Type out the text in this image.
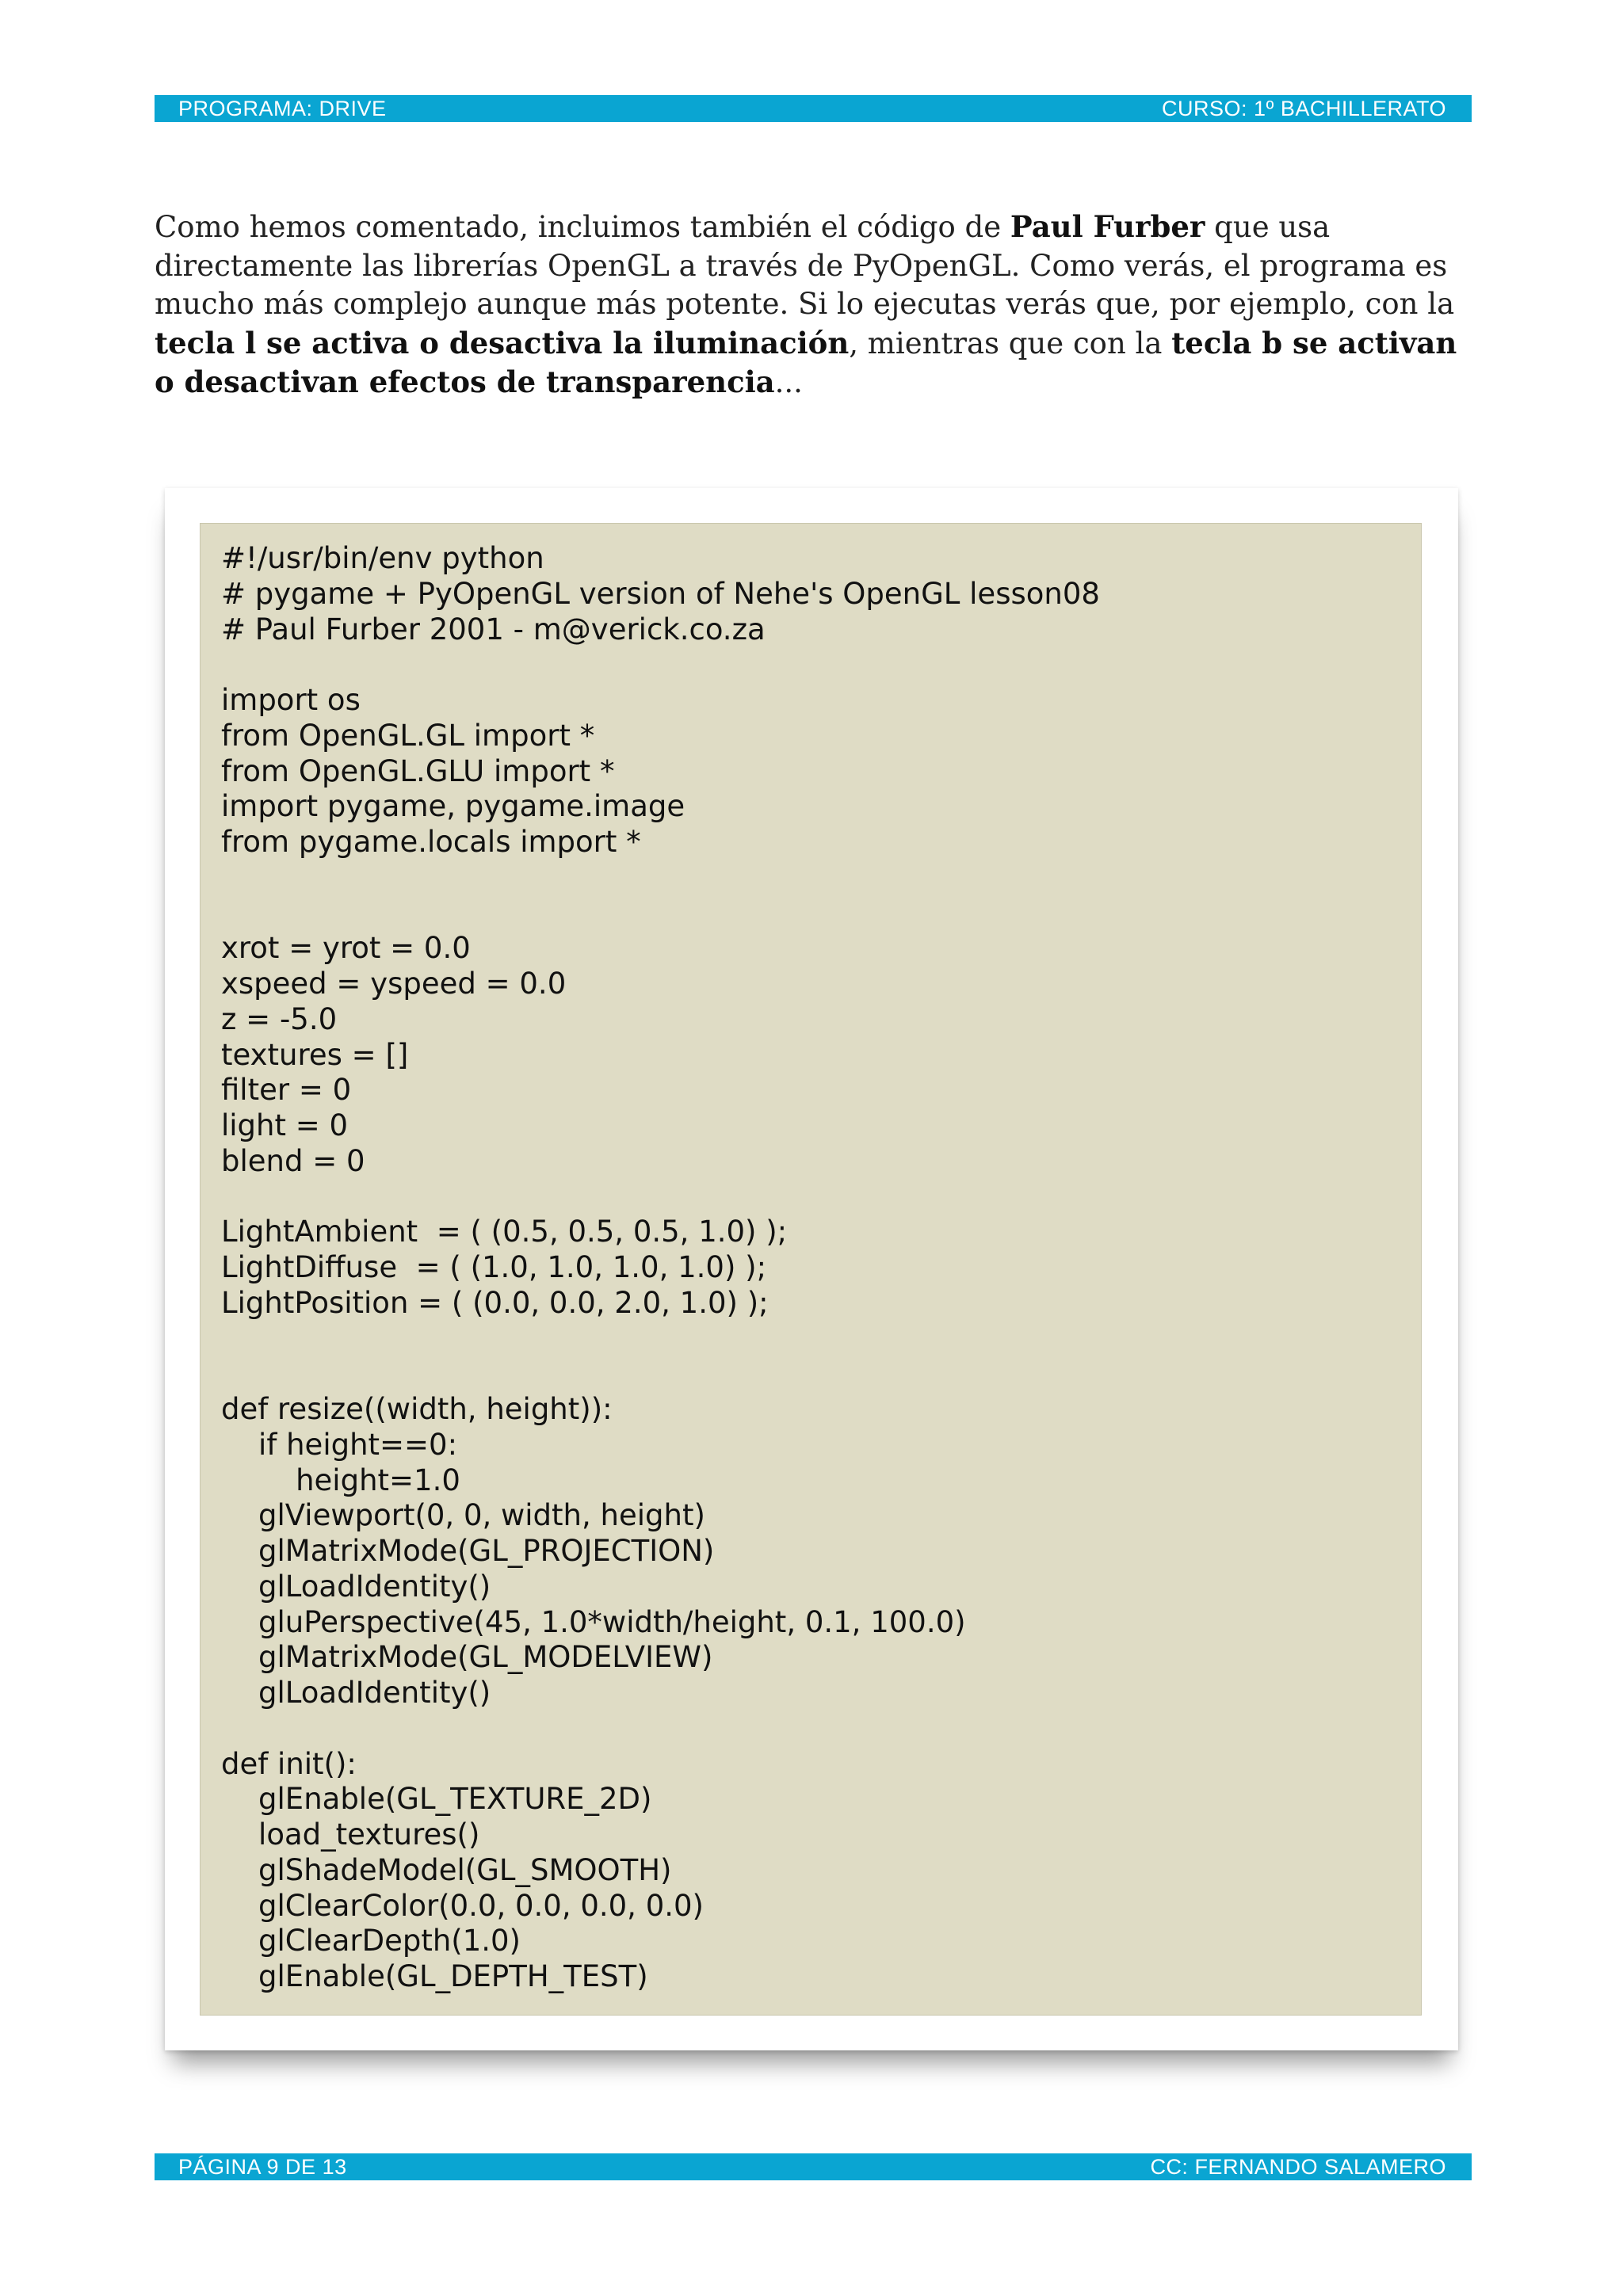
PROGRAMA: DRIVE	CURSO: 1º BACHILLERATO

Como hemos comentado, incluimos también el código de Paul Furber que usa directamente las librerías OpenGL a través de PyOpenGL. Como verás, el programa es mucho más complejo aunque más potente. Si lo ejecutas verás que, por ejemplo, con la tecla l se activa o desactiva la iluminación, mientras que con la tecla b se activan o desactivan efectos de transparencia...

#!/usr/bin/env python
# pygame + PyOpenGL version of Nehe's OpenGL lesson08
# Paul Furber 2001 - m@verick.co.za
import os
from OpenGL.GL import *
from OpenGL.GLU import *
import pygame, pygame.image
from pygame.locals import *
xrot = yrot = 0.0
xspeed = yspeed = 0.0
z = -5.0
textures = []
filter = 0
light = 0
blend = 0
LightAmbient  = ( (0.5, 0.5, 0.5, 1.0) );
LightDiffuse  = ( (1.0, 1.0, 1.0, 1.0) );
LightPosition = ( (0.0, 0.0, 2.0, 1.0) );
def resize((width, height)):
if height==0:
height=1.0
glViewport(0, 0, width, height)
glMatrixMode(GL_PROJECTION)
glLoadIdentity()
gluPerspective(45, 1.0*width/height, 0.1, 100.0)
glMatrixMode(GL_MODELVIEW)
glLoadIdentity()
def init():
glEnable(GL_TEXTURE_2D)
load_textures()
glShadeModel(GL_SMOOTH)
glClearColor(0.0, 0.0, 0.0, 0.0)
glClearDepth(1.0)
glEnable(GL_DEPTH_TEST)
PÁGINA 9 DE 13	CC: FERNANDO SALAMERO
